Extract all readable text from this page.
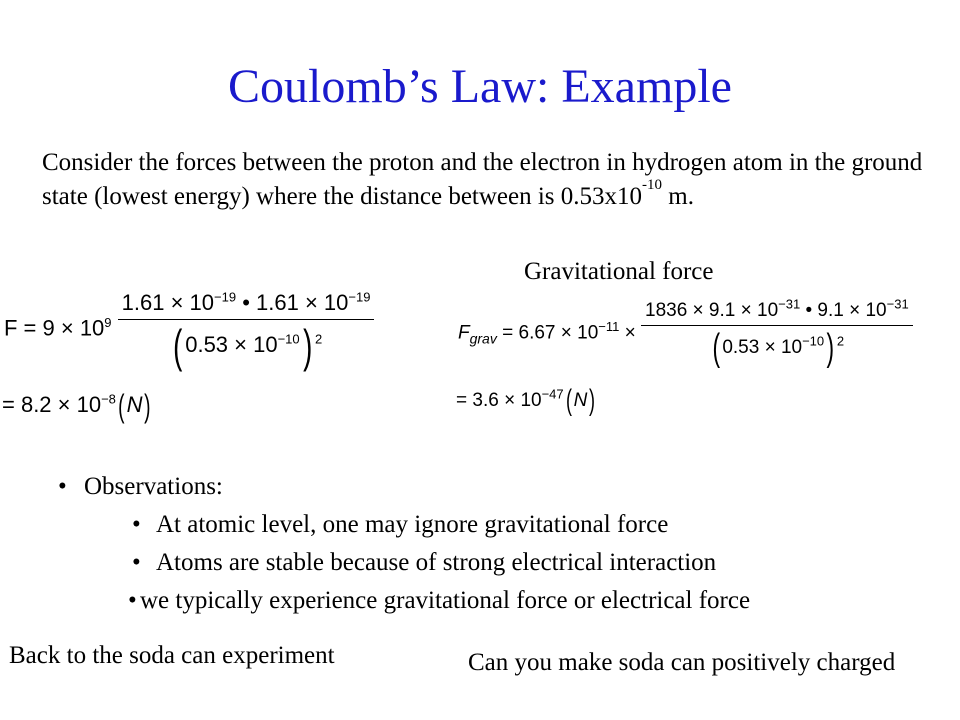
Coulomb’s Law: Example
Consider the forces between the proton and the electron in hydrogen atom in the ground state (lowest energy) where the distance between is $0.53x10^{-10}$ m.
Gravitational force
$F = 9 \times 10^9 \frac{1.61 \times 10^{-19} • 1.61 \times 10^{-19}}{( 0.53 \times 10^{-10}) ^2}$
= $8.2 \times 10^{-8}(N)$
$F_{grav} = 6.67 \times 10^{-11} \times \frac{1836 \times 9.1 \times 10^{-31} • 9.1 \times 10^{-31}}{( 0.53 \times 10^{-10}) ^2}$
= $3.6 \times 10^{-47}$( N)
• Observations:
• At atomic level, one may ignore gravitational force
• Atoms are stable because of strong electrical interaction
• we typically experience gravitational force or electrical force
Back to the soda can experiment	Can you make soda can positively charged
